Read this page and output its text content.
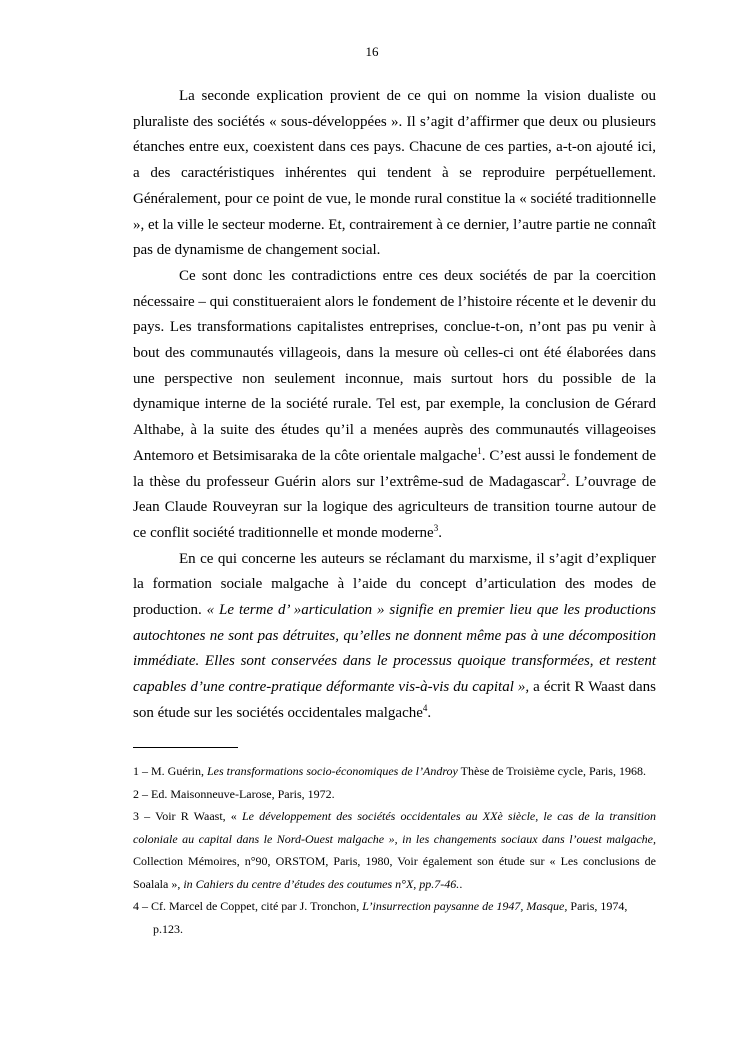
16

La seconde explication provient de ce qui on nomme la vision dualiste ou pluraliste des sociétés « sous-développées ». Il s’agit d’affirmer que deux ou plusieurs étanches entre eux, coexistent dans ces pays. Chacune de ces parties, a-t-on ajouté ici, a des caractéristiques inhérentes qui tendent à se reproduire perpétuellement. Généralement, pour ce point de vue, le monde rural constitue la « société traditionnelle », et la ville le secteur moderne. Et, contrairement à ce dernier, l’autre partie ne connaît pas de dynamisme de changement social.

Ce sont donc les contradictions entre ces deux sociétés de par la coercition nécessaire – qui constitueraient alors le fondement de l’histoire récente et le devenir du pays. Les transformations capitalistes entreprises, conclue-t-on, n’ont pas pu venir à bout des communautés villageois, dans la mesure où celles-ci ont été élaborées dans une perspective non seulement inconnue, mais surtout hors du possible de la dynamique interne de la société rurale. Tel est, par exemple, la conclusion de Gérard Althabe, à la suite des études qu’il a menées auprès des communautés villageoises Antemoro et Betsimisaraka de la côte orientale malgache$^1$. C’est aussi le fondement de la thèse du professeur Guérin alors sur l’extrême-sud de Madagascar$^2$. L’ouvrage de Jean Claude Rouveyran sur la logique des agriculteurs de transition tourne autour de ce conflit société traditionnelle et monde moderne$^3$.

En ce qui concerne les auteurs se réclamant du marxisme, il s’agit d’expliquer la formation sociale malgache à l’aide du concept d’articulation des modes de production. « Le terme d’ »articulation » signifie en premier lieu que les productions autochtones ne sont pas détruites, qu’elles ne donnent même pas à une décomposition immédiate. Elles sont conservées dans le processus quoique transformées, et restent capables d’une contre-pratique déformante vis-à-vis du capital », a écrit R Waast dans son étude sur les sociétés occidentales malgache$^4$.

1 – M. Guérin, Les transformations socio-économiques de l’Androy Thèse de Troisième cycle, Paris, 1968.
2 – Ed. Maisonneuve-Larose, Paris, 1972.
3 – Voir R Waast, « Le développement des sociétés occidentales au XXè siècle, le cas de la transition coloniale au capital dans le Nord-Ouest malgache », in les changements sociaux dans l’ouest malgache, Collection Mémoires, n°90, ORSTOM, Paris, 1980, Voir également son étude sur « Les conclusions de Soalala », in Cahiers du centre d’études des coutumes n°X, pp.7-46..
4 – Cf. Marcel de Coppet, cité par J. Tronchon, L’insurrection paysanne de 1947, Masque, Paris, 1974, p.123.
